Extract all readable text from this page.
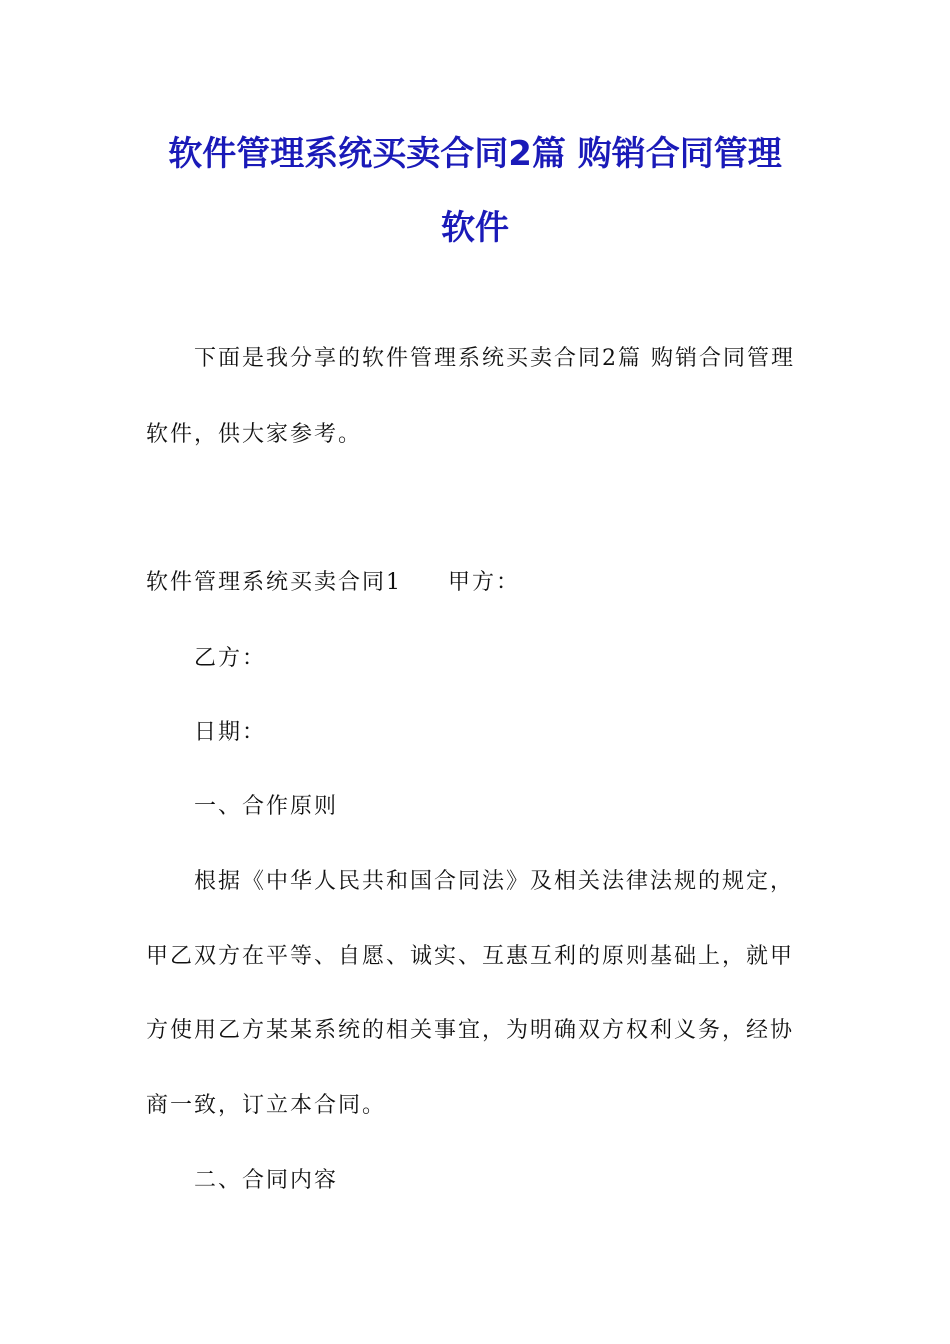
软件管理系统买卖合同2篇 购销合同管理
软件
下面是我分享的软件管理系统买卖合同2篇 购销合同管理
软件，供大家参考。
软件管理系统买卖合同1 甲方：
乙方：
日期：
一、合作原则
根据《中华人民共和国合同法》及相关法律法规的规定，
甲乙双方在平等、自愿、诚实、互惠互利的原则基础上，就甲
方使用乙方某某系统的相关事宜，为明确双方权利义务，经协
商一致，订立本合同。
二、合同内容
